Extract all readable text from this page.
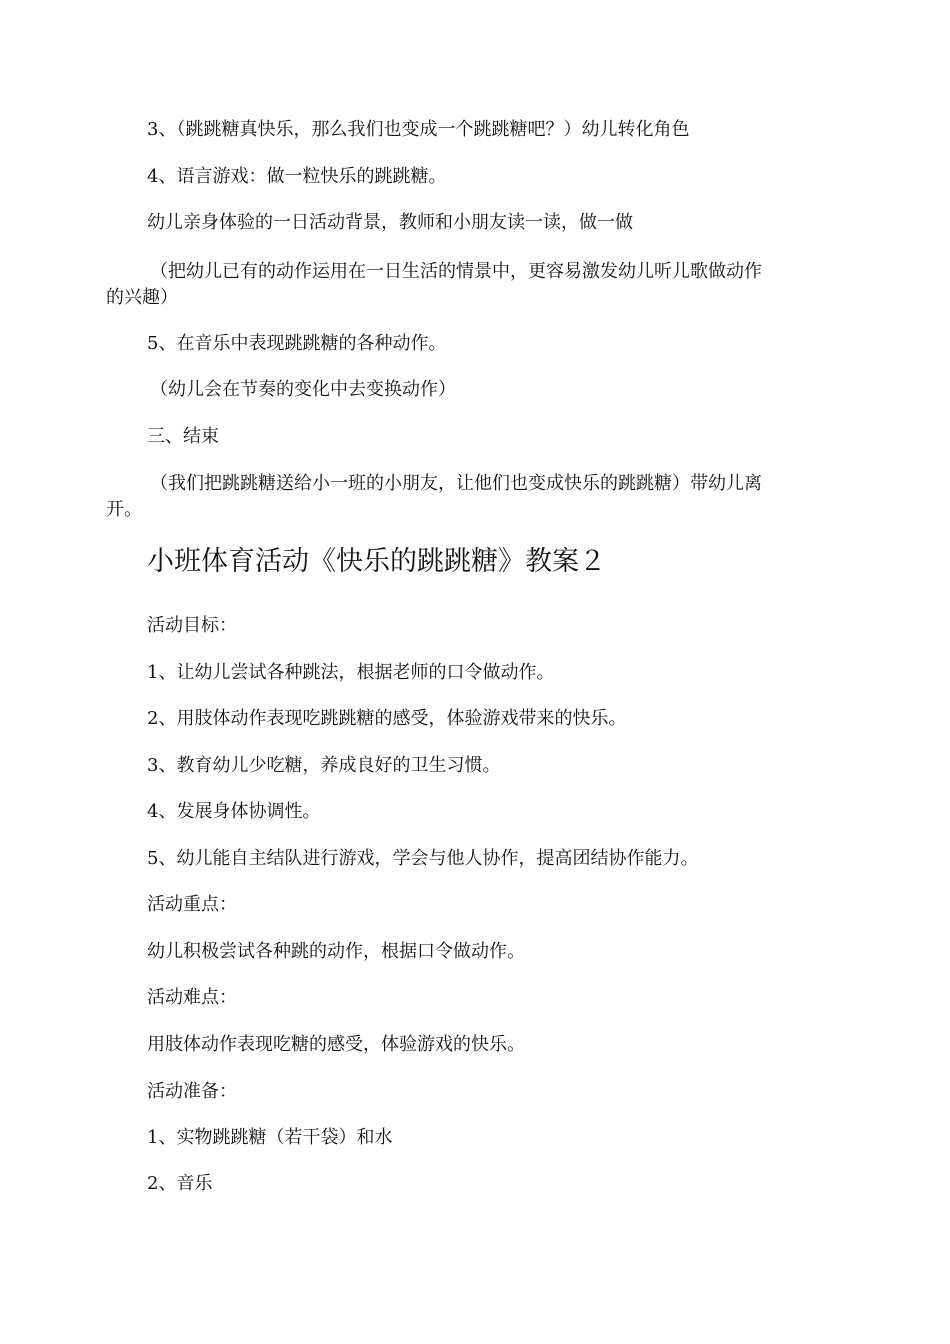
3、（跳跳糖真快乐，那么我们也变成一个跳跳糖吧？）幼儿转化角色
4、语言游戏：做一粒快乐的跳跳糖。
幼儿亲身体验的一日活动背景，教师和小朋友读一读，做一做
（把幼儿已有的动作运用在一日生活的情景中，更容易激发幼儿听儿歌做动作
的兴趣）
5、在音乐中表现跳跳糖的各种动作。
（幼儿会在节奏的变化中去变换动作）
三、结束
（我们把跳跳糖送给小一班的小朋友，让他们也变成快乐的跳跳糖）带幼儿离
开。
小班体育活动《快乐的跳跳糖》教案２
活动目标：
1、让幼儿尝试各种跳法，根据老师的口令做动作。
2、用肢体动作表现吃跳跳糖的感受，体验游戏带来的快乐。
3、教育幼儿少吃糖，养成良好的卫生习惯。
4、发展身体协调性。
5、幼儿能自主结队进行游戏，学会与他人协作，提高团结协作能力。
活动重点：
幼儿积极尝试各种跳的动作，根据口令做动作。
活动难点：
用肢体动作表现吃糖的感受，体验游戏的快乐。
活动准备：
1、实物跳跳糖（若干袋）和水
2、音乐
